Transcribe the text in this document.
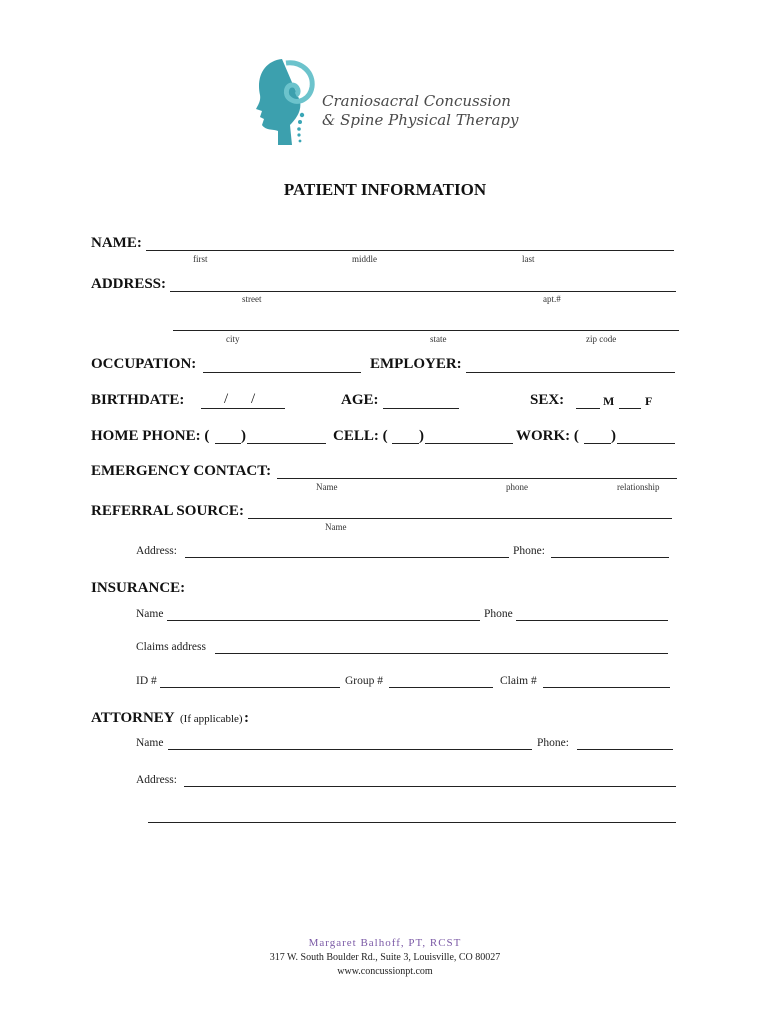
Craniosacral Concussion
& Spine Physical Therapy
PATIENT INFORMATION
NAME:
first	middle	last
ADDRESS:
street	apt.#
city	state	zip code
OCCUPATION:	EMPLOYER:
BIRTHDATE:	/ /	AGE:	SEX:	M	F
HOME PHONE: ( )	CELL: ( )	WORK: ( )
EMERGENCY CONTACT:
Name	phone	relationship
REFERRAL SOURCE:
Name
Address:	Phone:
INSURANCE:
Name	Phone
Claims address
ID #	Group #	Claim #
ATTORNEY (If applicable) :
Name	Phone:
Address:
Margaret Balhoff, PT, RCST
317 W. South Boulder Rd., Suite 3, Louisville, CO 80027
www.concussionpt.com
